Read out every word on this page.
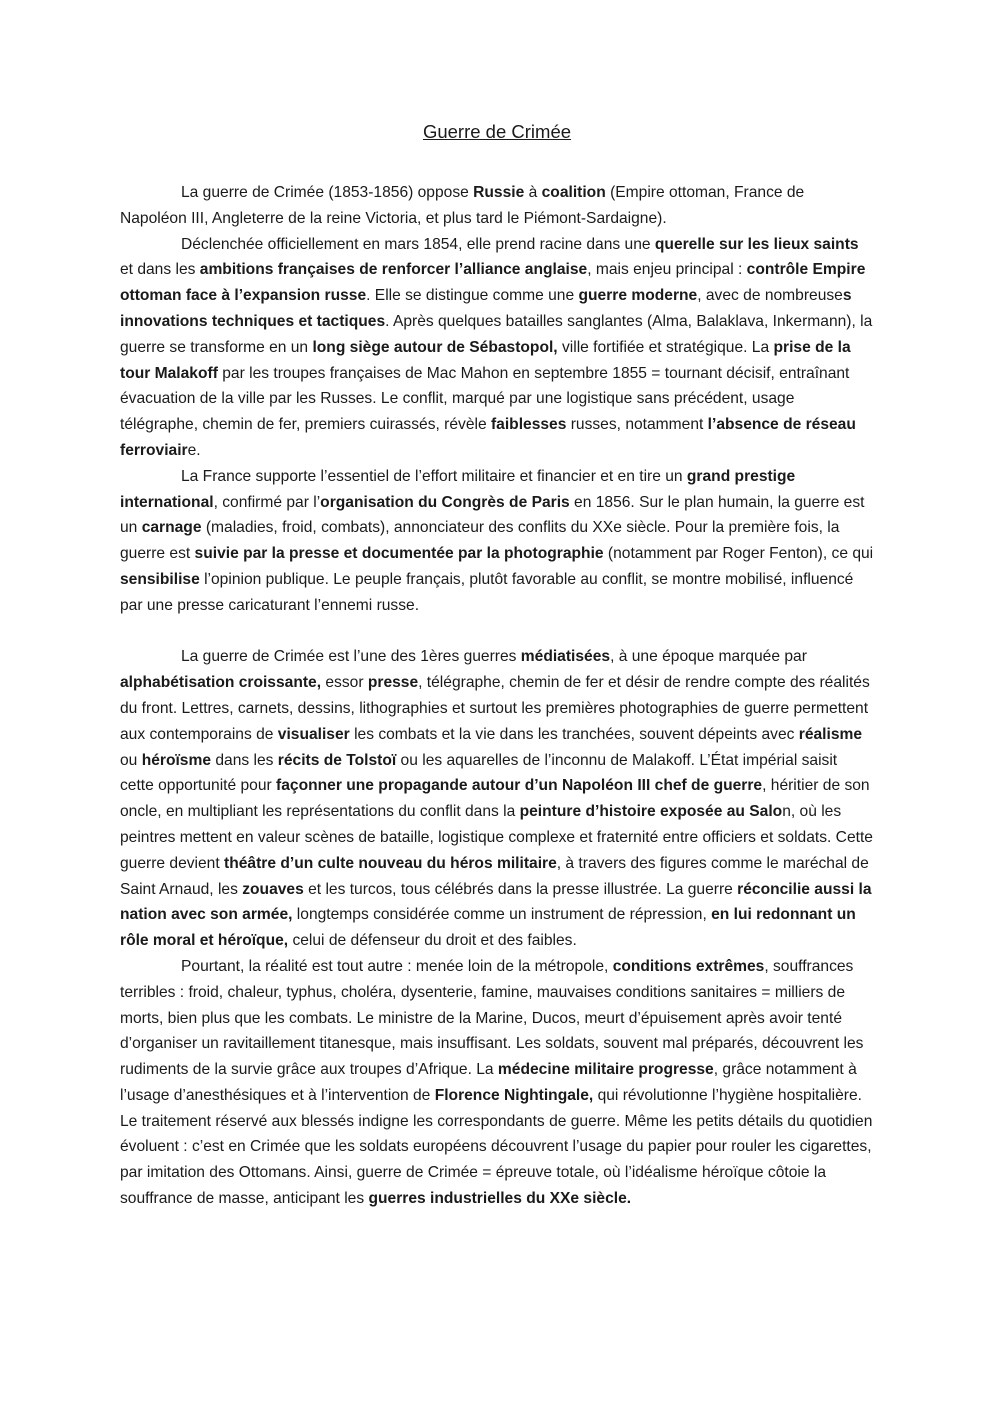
Guerre de Crimée

La guerre de Crimée (1853-1856) oppose Russie à coalition (Empire ottoman, France de Napoléon III, Angleterre de la reine Victoria, et plus tard le Piémont-Sardaigne).

Déclenchée officiellement en mars 1854, elle prend racine dans une querelle sur les lieux saints et dans les ambitions françaises de renforcer l’alliance anglaise, mais enjeu principal : contrôle Empire ottoman face à l’expansion russe. Elle se distingue comme une guerre moderne, avec de nombreuses innovations techniques et tactiques. Après quelques batailles sanglantes (Alma, Balaklava, Inkermann), la guerre se transforme en un long siège autour de Sébastopol, ville fortifiée et stratégique. La prise de la tour Malakoff par les troupes françaises de Mac Mahon en septembre 1855 = tournant décisif, entraînant évacuation de la ville par les Russes. Le conflit, marqué par une logistique sans précédent, usage télégraphe, chemin de fer, premiers cuirassés, révèle faiblesses russes, notamment l’absence de réseau ferroviaire.

La France supporte l’essentiel de l’effort militaire et financier et en tire un grand prestige international, confirmé par l’organisation du Congrès de Paris en 1856. Sur le plan humain, la guerre est un carnage (maladies, froid, combats), annonciateur des conflits du XXe siècle. Pour la première fois, la guerre est suivie par la presse et documentée par la photographie (notamment par Roger Fenton), ce qui sensibilise l’opinion publique. Le peuple français, plutôt favorable au conflit, se montre mobilisé, influencé par une presse caricaturant l’ennemi russe.

La guerre de Crimée est l’une des 1ères guerres médiatisées, à une époque marquée par alphabétisation croissante, essor presse, télégraphe, chemin de fer et désir de rendre compte des réalités du front. Lettres, carnets, dessins, lithographies et surtout les premières photographies de guerre permettent aux contemporains de visualiser les combats et la vie dans les tranchées, souvent dépeints avec réalisme ou héroïsme dans les récits de Tolstoï ou les aquarelles de l’inconnu de Malakoff. L’État impérial saisit cette opportunité pour façonner une propagande autour d’un Napoléon III chef de guerre, héritier de son oncle, en multipliant les représentations du conflit dans la peinture d’histoire exposée au Salon, où les peintres mettent en valeur scènes de bataille, logistique complexe et fraternité entre officiers et soldats. Cette guerre devient théâtre d’un culte nouveau du héros militaire, à travers des figures comme le maréchal de Saint Arnaud, les zouaves et les turcos, tous célébrés dans la presse illustrée. La guerre réconcilie aussi la nation avec son armée, longtemps considérée comme un instrument de répression, en lui redonnant un rôle moral et héroïque, celui de défenseur du droit et des faibles.

Pourtant, la réalité est tout autre : menée loin de la métropole, conditions extrêmes, souffrances terribles : froid, chaleur, typhus, choléra, dysenterie, famine, mauvaises conditions sanitaires = milliers de morts, bien plus que les combats. Le ministre de la Marine, Ducos, meurt d’épuisement après avoir tenté d’organiser un ravitaillement titanesque, mais insuffisant. Les soldats, souvent mal préparés, découvrent les rudiments de la survie grâce aux troupes d’Afrique. La médecine militaire progresse, grâce notamment à l’usage d’anesthésiques et à l’intervention de Florence Nightingale, qui révolutionne l’hygiène hospitalière. Le traitement réservé aux blessés indigne les correspondants de guerre. Même les petits détails du quotidien évoluent : c’est en Crimée que les soldats européens découvrent l’usage du papier pour rouler les cigarettes, par imitation des Ottomans. Ainsi, guerre de Crimée = épreuve totale, où l’idéalisme héroïque côtoie la souffrance de masse, anticipant les guerres industrielles du XXe siècle.
